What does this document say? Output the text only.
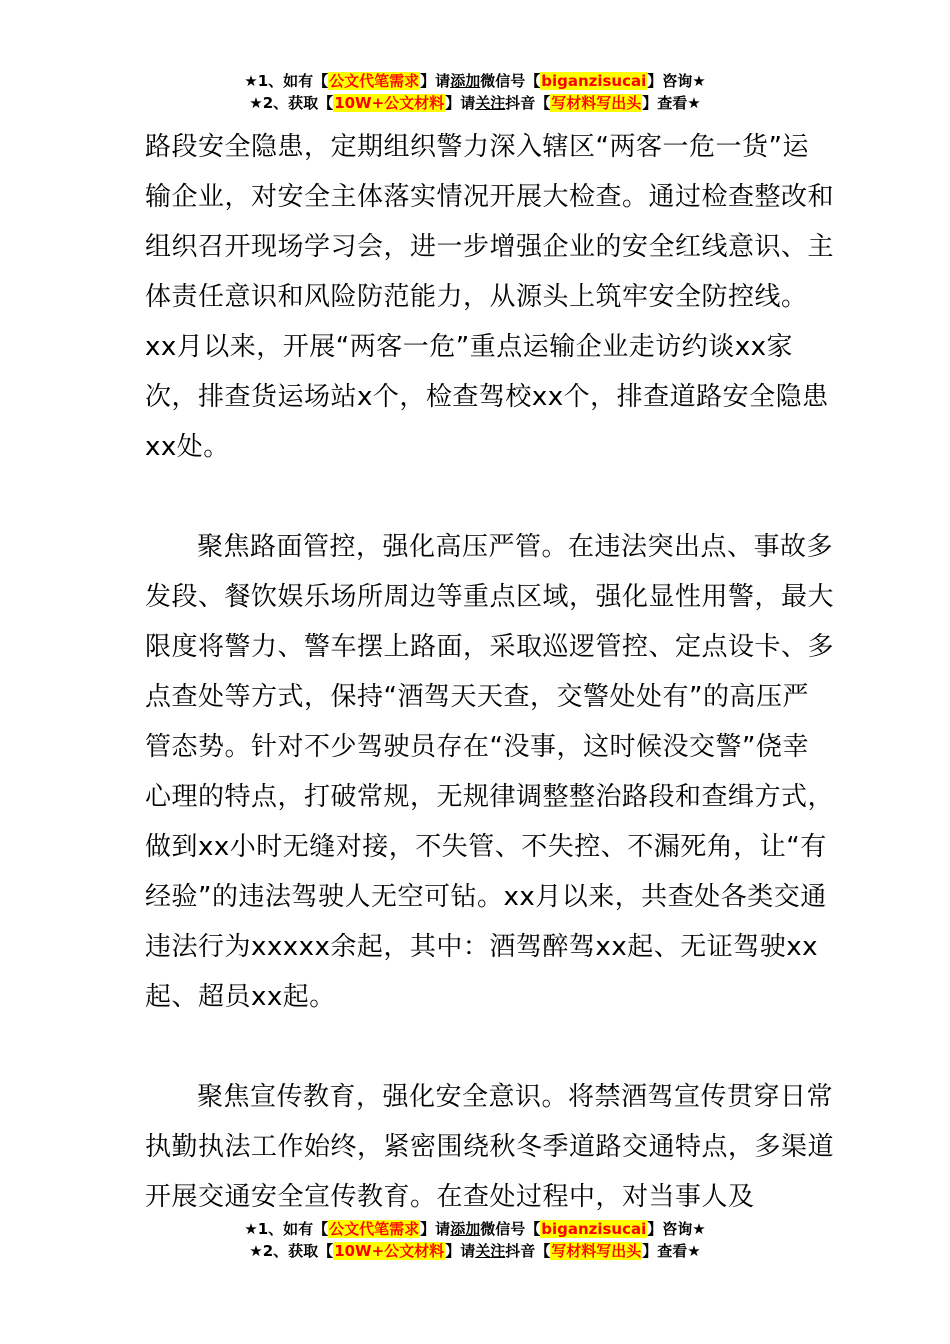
★1、如有【公文代笔需求】请添加微信号【biganzisucai】咨询★
★2、获取【10W+公文材料】请关注抖音【写材料写出头】查看★

路段安全隐患，定期组织警力深入辖区“两客一危一货”运输企业，对安全主体落实情况开展大检查。通过检查整改和组织召开现场学习会，进一步增强企业的安全红线意识、主体责任意识和风险防范能力，从源头上筑牢安全防控线。xx月以来，开展“两客一危”重点运输企业走访约谈xx家次，排查货运场站x个，检查驾校xx个，排查道路安全隐患xx处。

聚焦路面管控，强化高压严管。在违法突出点、事故多发段、餐饮娱乐场所周边等重点区域，强化显性用警，最大限度将警力、警车摆上路面，采取巡逻管控、定点设卡、多点查处等方式，保持“酒驾天天查，交警处处有”的高压严管态势。针对不少驾驶员存在“没事，这时候没交警”侥幸心理的特点，打破常规，无规律调整整治路段和查缉方式，做到xx小时无缝对接，不失管、不失控、不漏死角，让“有经验”的违法驾驶人无空可钻。xx月以来，共查处各类交通违法行为xxxxx余起，其中：酒驾醉驾xx起、无证驾驶xx起、超员xx起。

聚焦宣传教育，强化安全意识。将禁酒驾宣传贯穿日常执勤执法工作始终，紧密围绕秋冬季道路交通特点，多渠道开展交通安全宣传教育。在查处过程中，对当事人及

★1、如有【公文代笔需求】请添加微信号【biganzisucai】咨询★
★2、获取【10W+公文材料】请关注抖音【写材料写出头】查看★
